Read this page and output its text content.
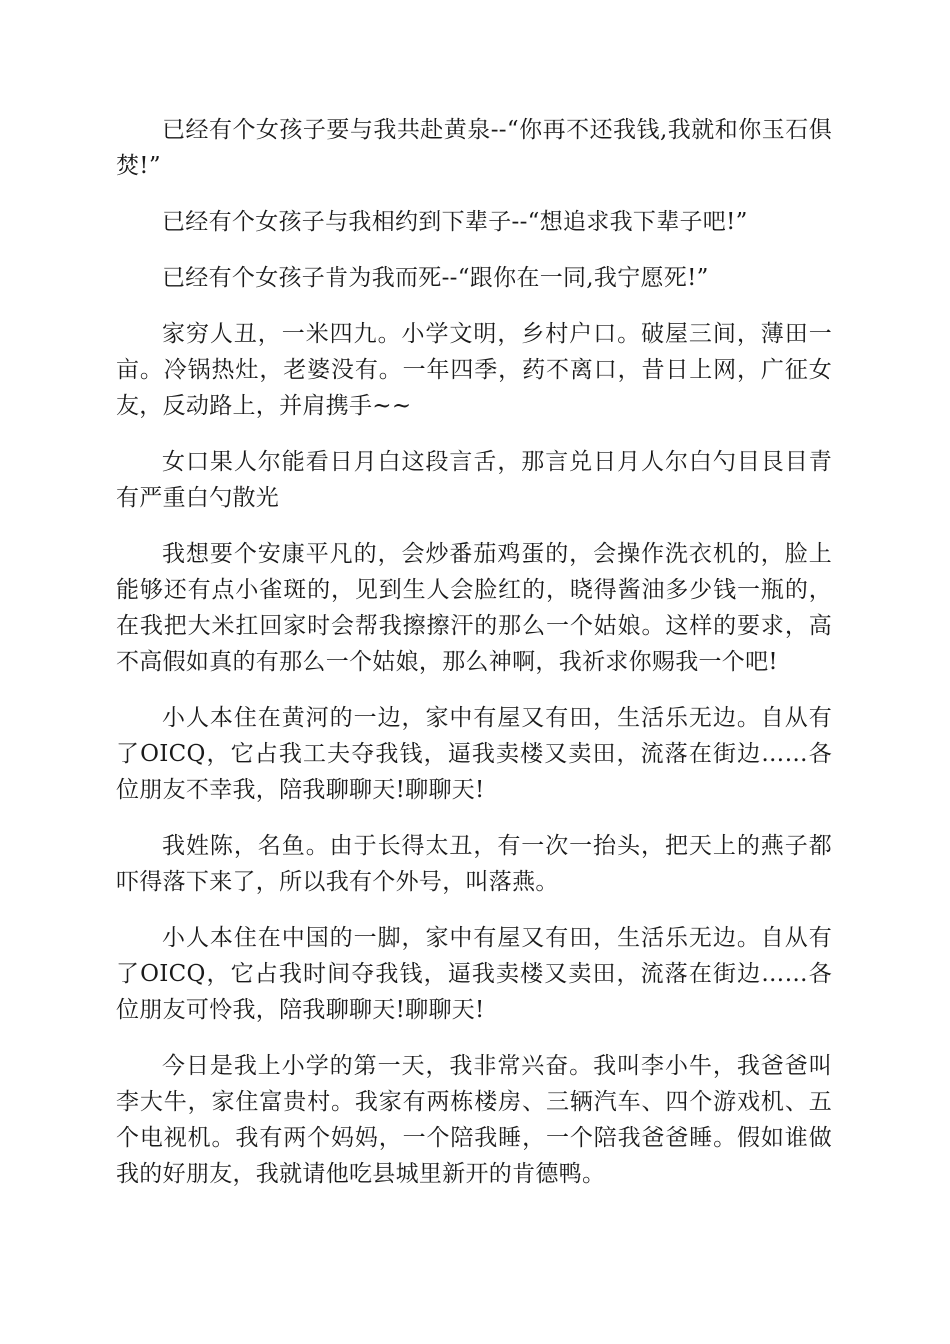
已经有个女孩子要与我共赴黄泉--“你再不还我钱,我就和你玉石俱焚!”

已经有个女孩子与我相约到下辈子--“想追求我下辈子吧!”

已经有个女孩子肯为我而死--“跟你在一同,我宁愿死!”

家穷人丑，一米四九。小学文明，乡村户口。破屋三间，薄田一亩。冷锅热灶，老婆没有。一年四季，药不离口，昔日上网，广征女友，反动路上，并肩携手~~

女口果人尔能看日月白这段言舌，那言兑日月人尔白勺目艮目青有严重白勺散光

我想要个安康平凡的，会炒番茄鸡蛋的，会操作洗衣机的，脸上能够还有点小雀斑的，见到生人会脸红的，晓得酱油多少钱一瓶的，在我把大米扛回家时会帮我擦擦汗的那么一个姑娘。这样的要求，高不高假如真的有那么一个姑娘，那么神啊，我祈求你赐我一个吧!

小人本住在黄河的一边，家中有屋又有田，生活乐无边。自从有了OICQ，它占我工夫夺我钱，逼我卖楼又卖田，流落在街边……各位朋友不幸我，陪我聊聊天!聊聊天!

我姓陈，名鱼。由于长得太丑，有一次一抬头，把天上的燕子都吓得落下来了，所以我有个外号，叫落燕。

小人本住在中国的一脚，家中有屋又有田，生活乐无边。自从有了OICQ，它占我时间夺我钱，逼我卖楼又卖田，流落在街边……各位朋友可怜我，陪我聊聊天!聊聊天!

今日是我上小学的第一天，我非常兴奋。我叫李小牛，我爸爸叫李大牛，家住富贵村。我家有两栋楼房、三辆汽车、四个游戏机、五个电视机。我有两个妈妈，一个陪我睡，一个陪我爸爸睡。假如谁做我的好朋友，我就请他吃县城里新开的肯德鸭。
